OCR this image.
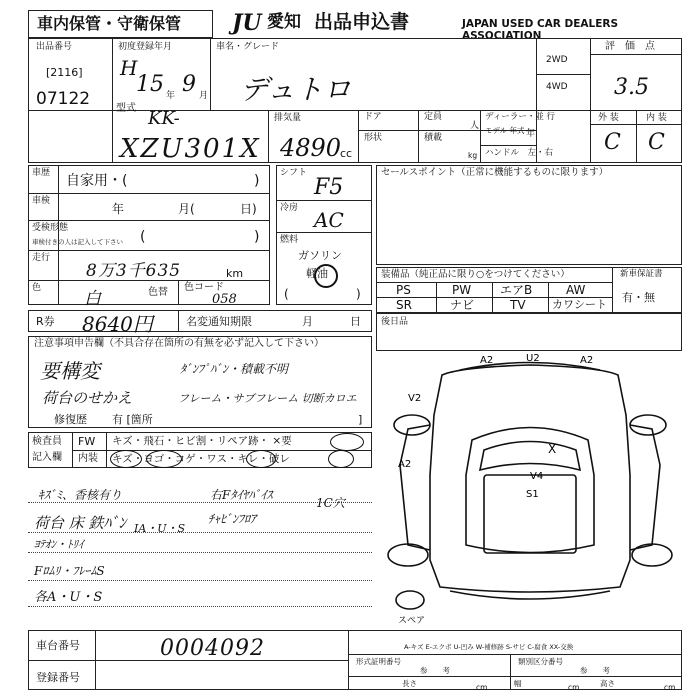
車内保管・守衛保管 JU 愛知 出品申込書	JAPAN USED CAR DEALERS ASSOCIATION
出品番号
[2116]
07122
初度登録年月
H
15 年 9 月
車名・グレード
デュトロ
2WD
4WD
評　価　点
3.5
外 装	内 装
C C
型式 KK-
XZU301X
排気量
4890
cc
ドア
形状
定員
人
積載
kg
ディーラー・並 行
モデル 年式 年
ハンドル　左・右
車歴 自家用・(	)
車検
年	月(	日)
受検形態
車検付きの人は記入して下さい (	)
走行
8万3千635	km
色
白	色替 色コード
058
シフト
F5
冷房 AC
燃料
ガソリン
軽油
(	)
セールスポイント（正常に機能するものに限ります）
装備品（純正品に限り○をつけてください）	新車保証書
有・無
PS	PW エアB	AW
SR	ナビ	TV カワシート
R券 8640円	名変通知期限	月	日 後日品
注意事項申告欄（不具合存在箇所の有無を必ず記入して下さい）
要構変	ﾀﾞﾝﾌﾟﾊﾞﾝ・積載不明
荷台のせかえ	フレーム・サブフレーム 切断カロエ
修復歴 有 [箇所	]
検査員
記入欄
FW キズ・飛石・ヒビ割・リペア跡・ ×要
内装 キズ・ヨゴ・コゲ・ワス・キレ・破レ
ｷｽﾞﾐ、香核有り	右Fﾀｲﾔﾊﾞｲｽ
1C穴
ﾁｬﾋﾞﾝﾌﾛｱ
荷台 床 鉄ﾊﾞﾝ IA・U・S
ﾖﾃｵﾝ・ﾄﾘｲ
Fﾛﾑﾘ・ﾌﾚｰﾑS
各A・U・S
A2	U2	A2
V2
A2
X
V4
S1
スペア
車台番号	0004092
登録番号
A-キズ E-エクボ U-凹み W-補修跡 S-サビ C-腐食 XX-交換
形式証明番号	類別区分番号
参　　考	参　　考
長さ	cm	幅	cm	高さ	cm
